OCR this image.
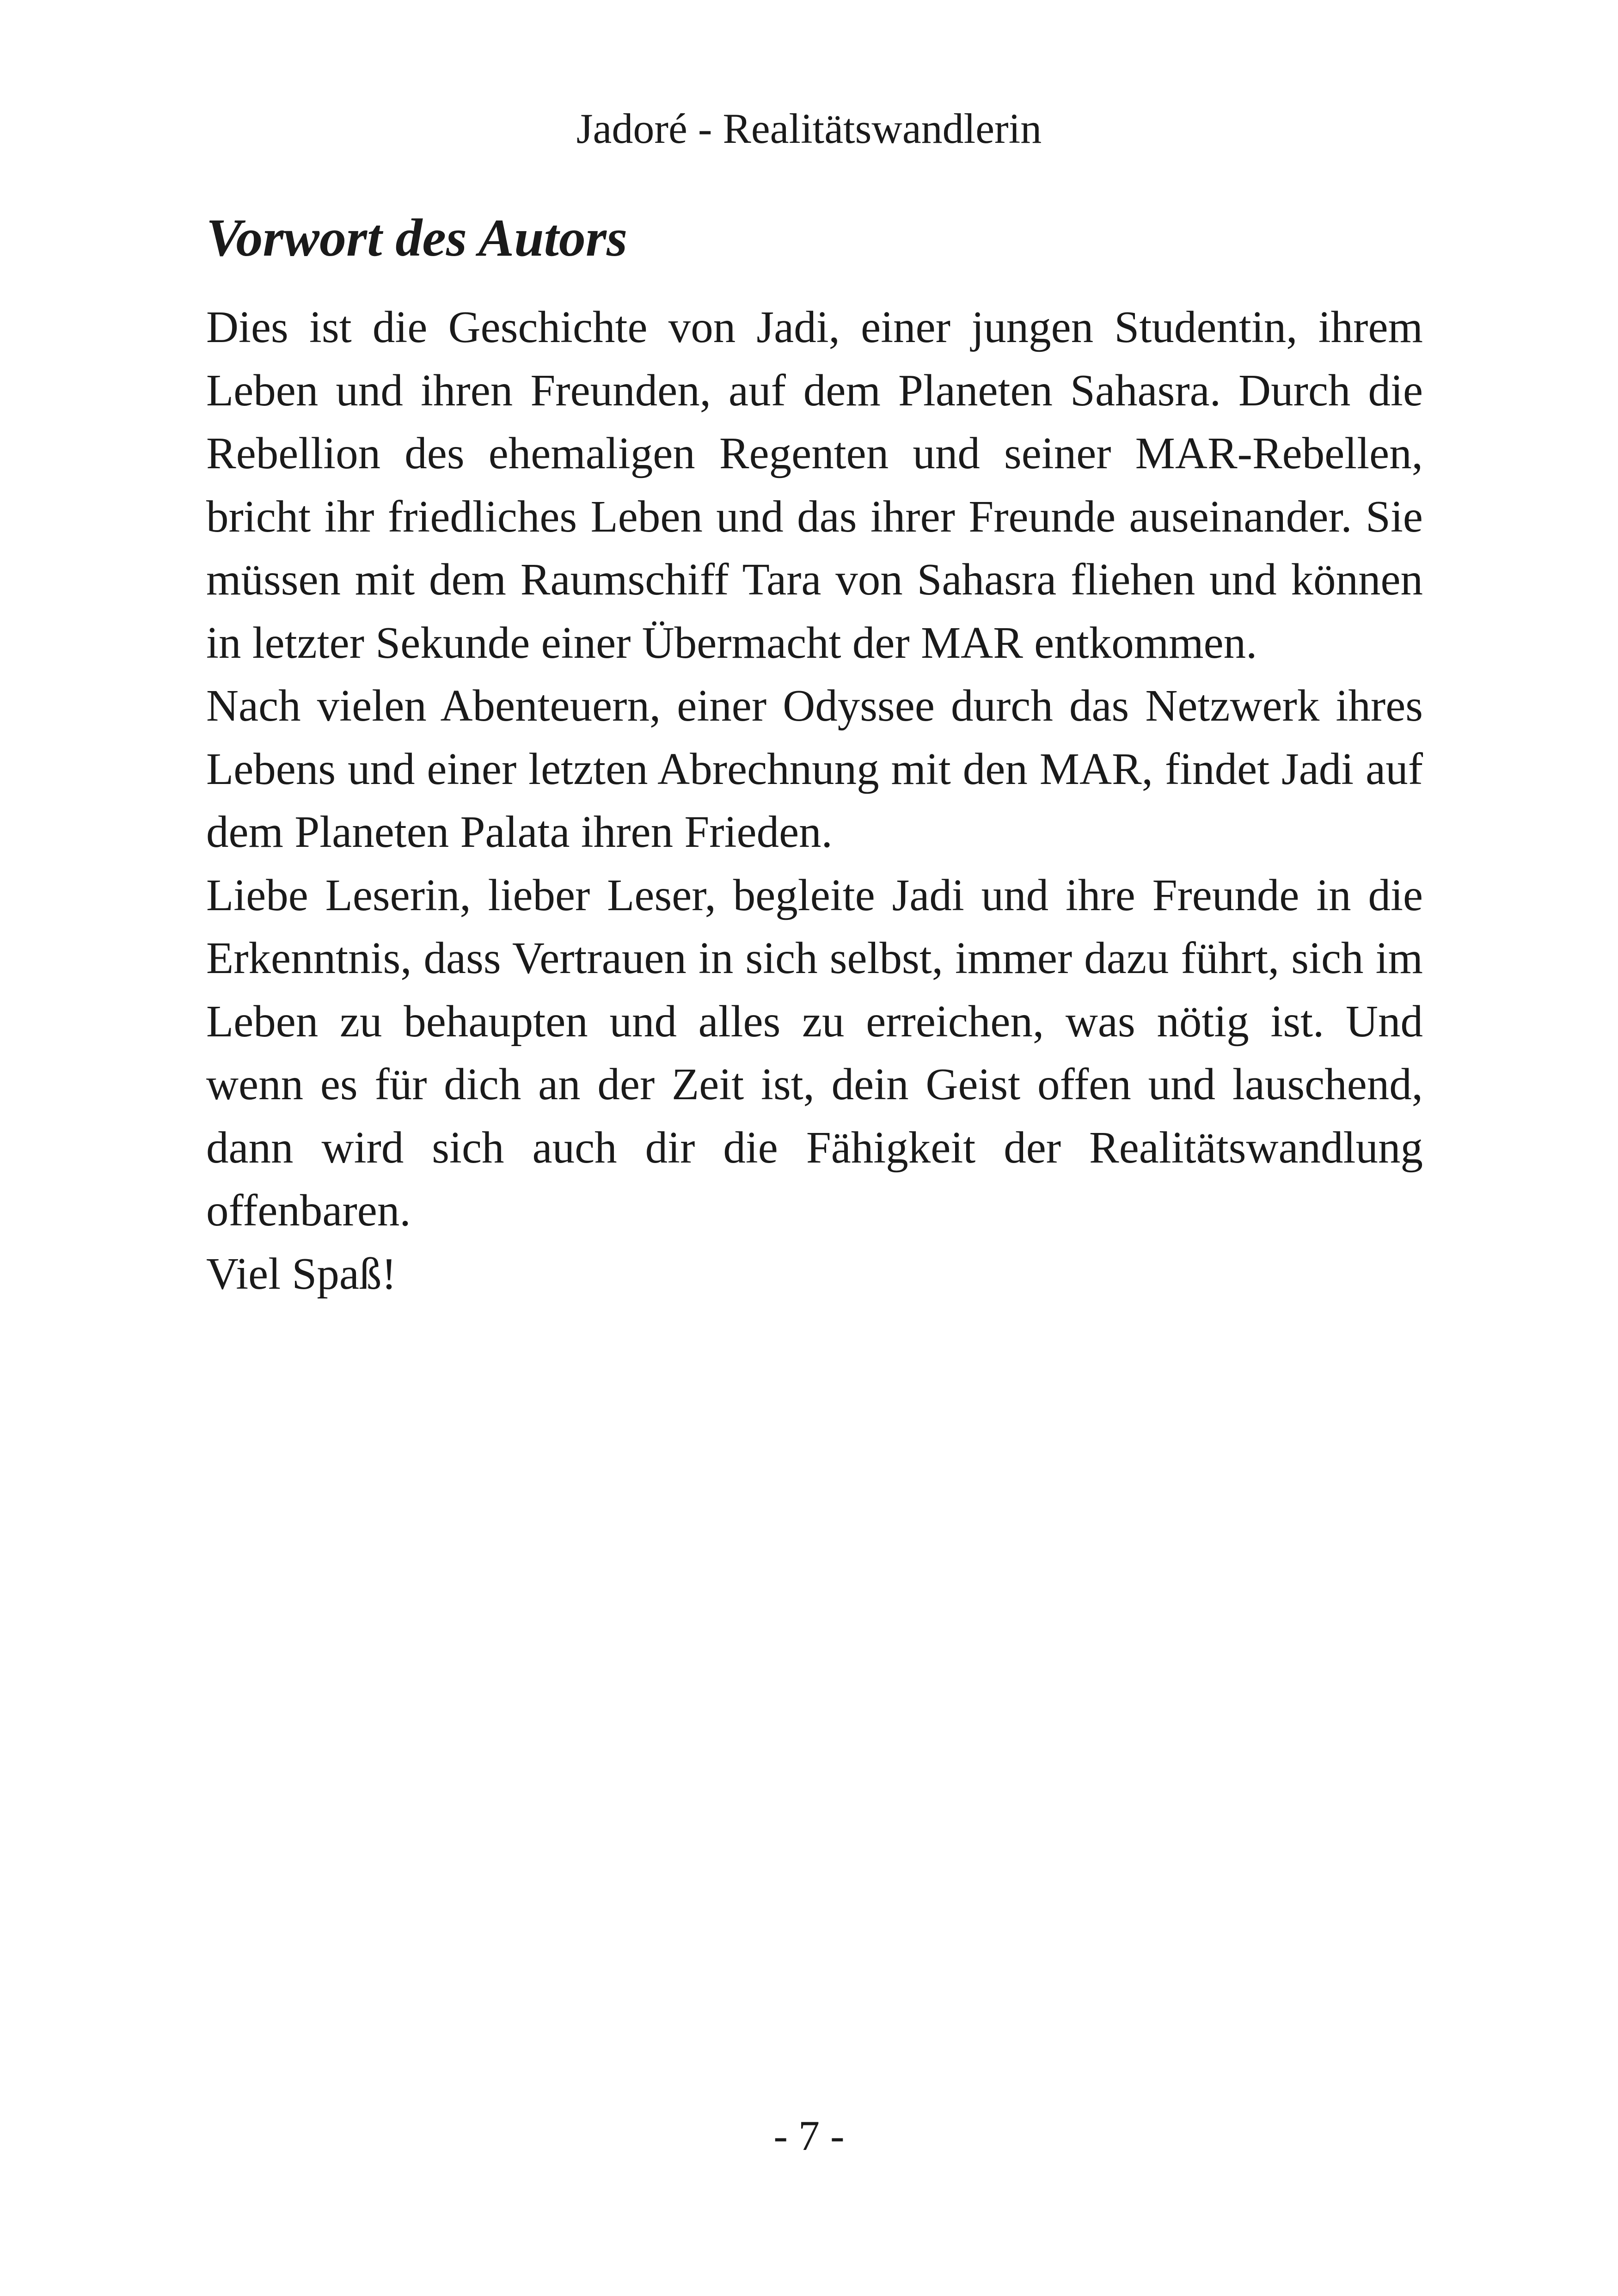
Jadoré - Realitätswandlerin
Vorwort des Autors

Dies ist die Geschichte von Jadi, einer jungen Studentin, ihrem Leben und ihren Freunden, auf dem Planeten Sahasra. Durch die Rebellion des ehemaligen Regenten und seiner MAR-Rebellen, bricht ihr friedliches Leben und das ihrer Freunde auseinander. Sie müssen mit dem Raumschiff Tara von Sahasra fliehen und können in letzter Sekunde einer Übermacht der MAR entkommen.

Nach vielen Abenteuern, einer Odyssee durch das Netzwerk ihres Lebens und einer letzten Abrechnung mit den MAR, findet Jadi auf dem Planeten Palata ihren Frieden.

Liebe Leserin, lieber Leser, begleite Jadi und ihre Freunde in die Erkenntnis, dass Vertrauen in sich selbst, immer dazu führt, sich im Leben zu behaupten und alles zu erreichen, was nötig ist. Und wenn es für dich an der Zeit ist, dein Geist offen und lauschend, dann wird sich auch dir die Fähigkeit der Realitätswandlung offenbaren.

Viel Spaß!

- 7 -
